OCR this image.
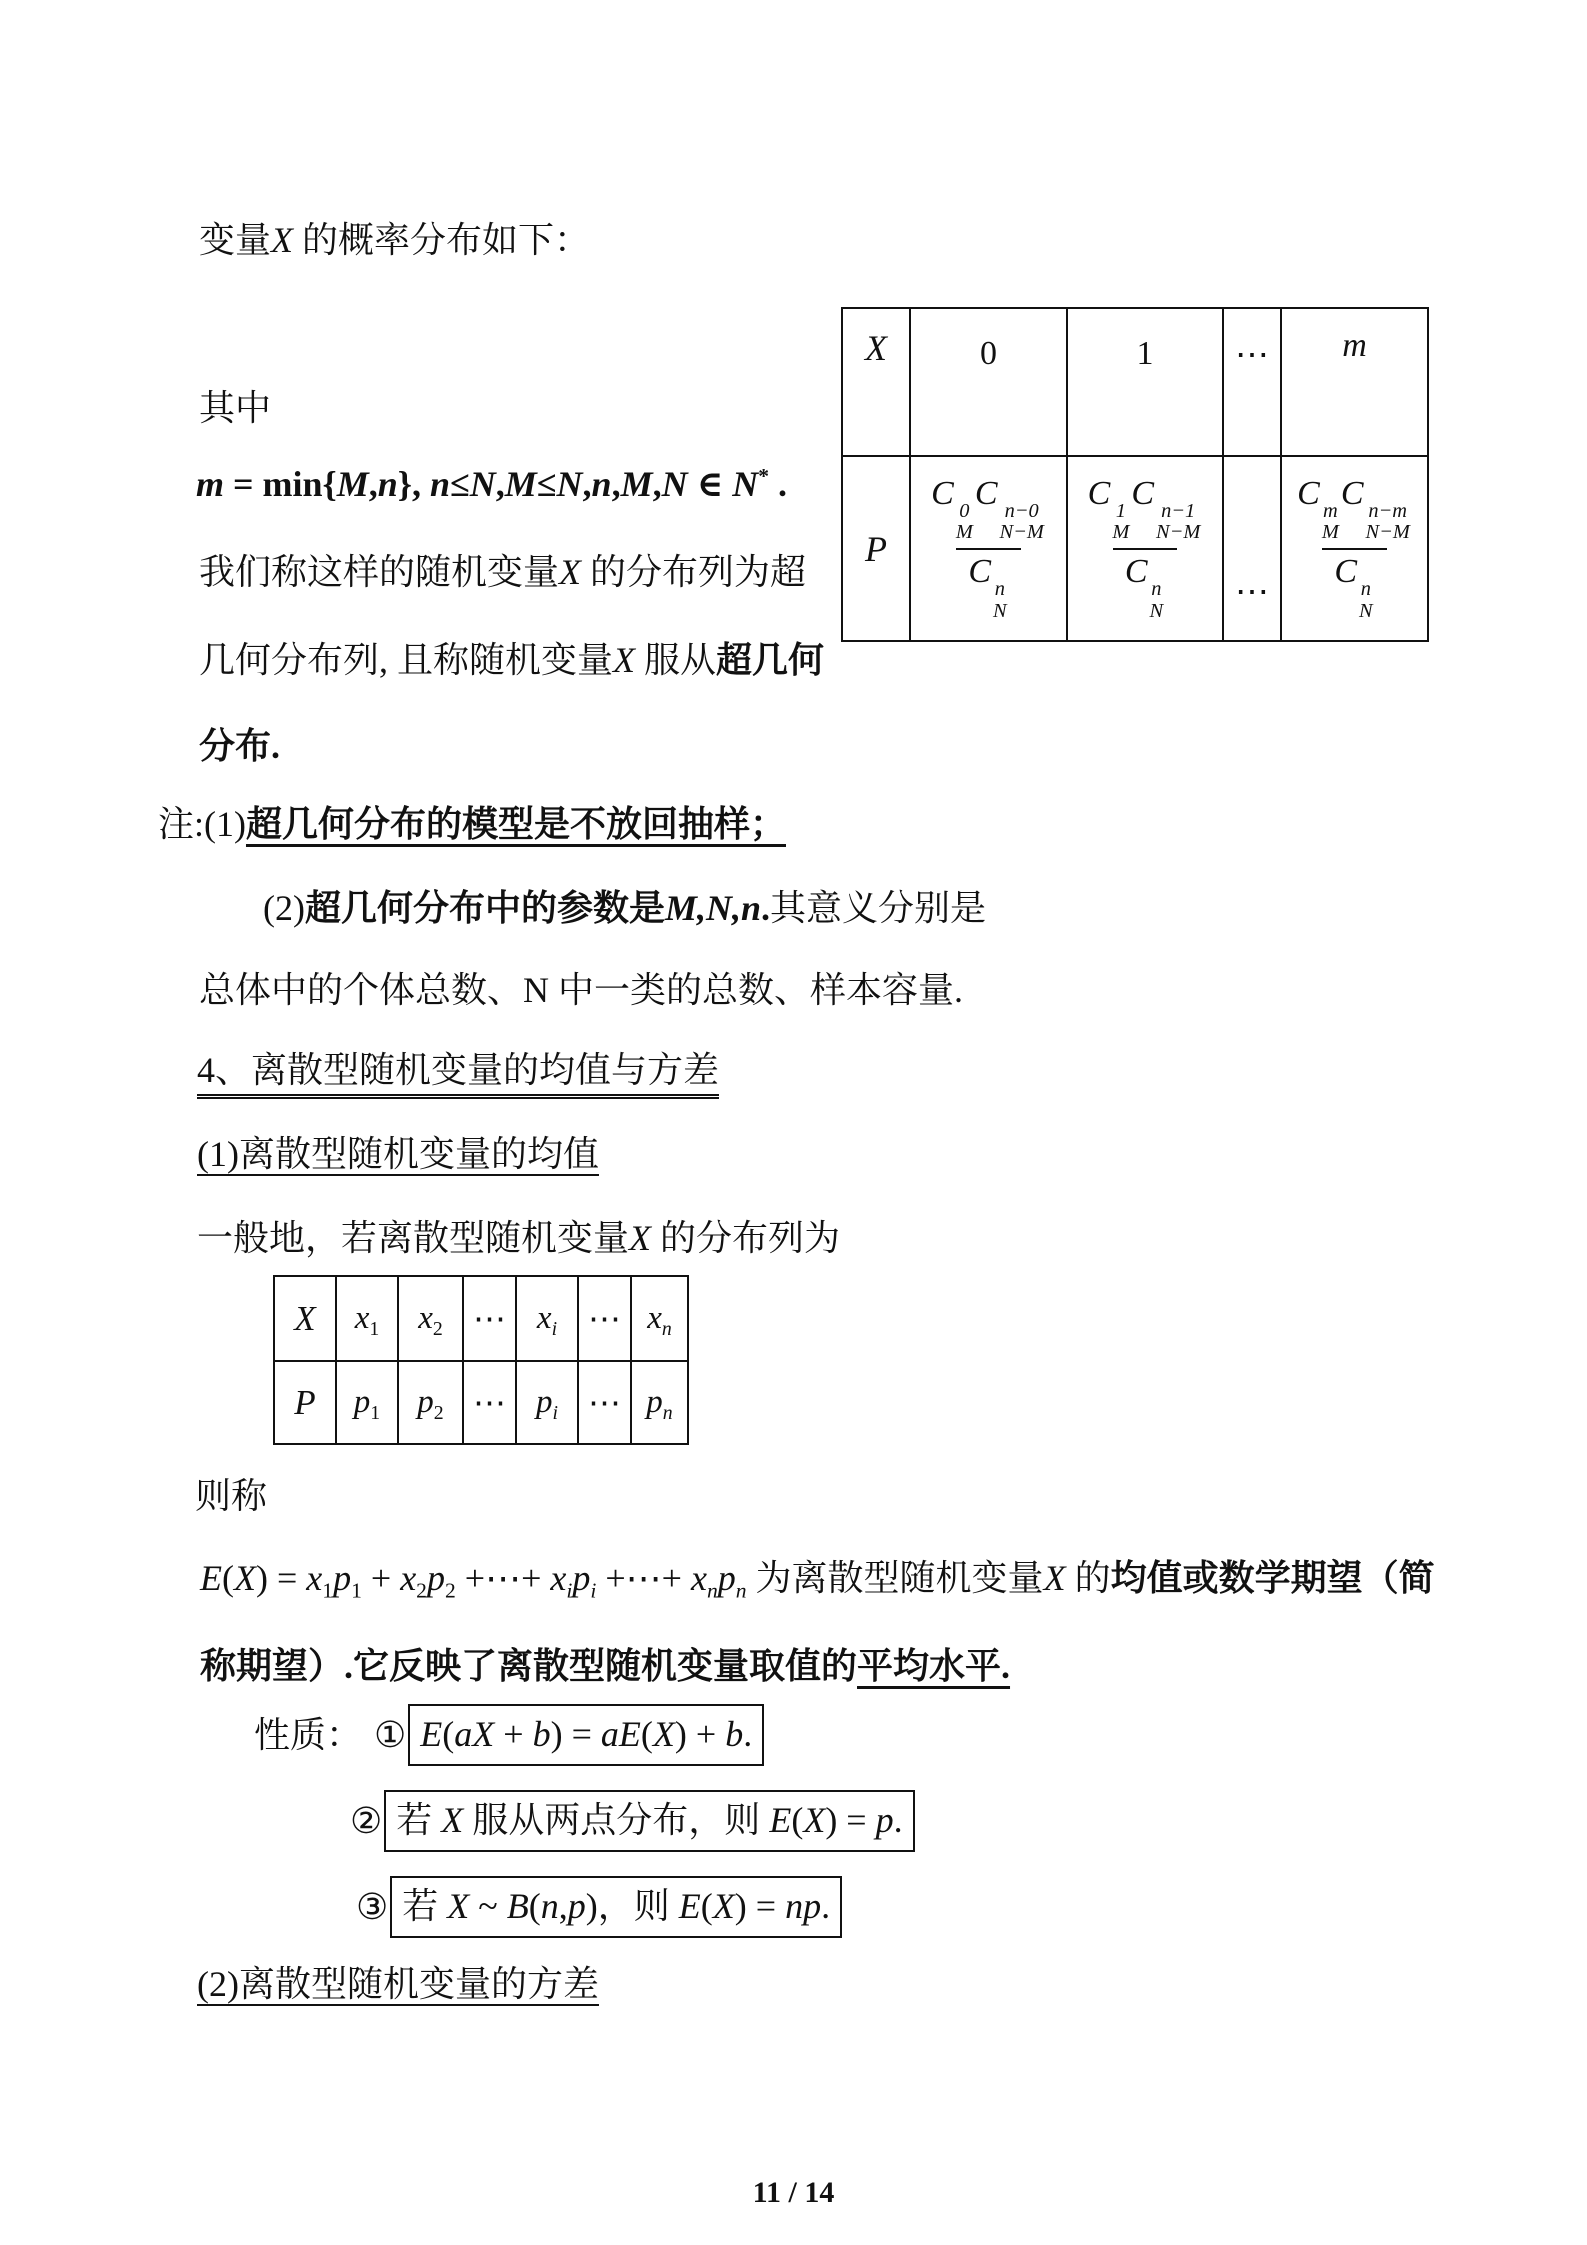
变量X 的概率分布如下：
X	0	1	⋯	m
P	C 0
M
C n−0
N−M
C n
N	C 1
M
C n−1
N−M
C n
N	⋯	C m
M
C n−m
N−M
C n
N
其中
m = min{M,n}, n≤N,M≤N,n,M,N ∈ N* .
我们称这样的随机变量X 的分布列为超
几何分布列, 且称随机变量X 服从超几何
分布.
注:(1)超几何分布的模型是不放回抽样；
(2)超几何分布中的参数是M,N,n.其意义分别是
总体中的个体总数、N 中一类的总数、样本容量.
4、离散型随机变量的均值与方差
(1)离散型随机变量的均值
一般地，若离散型随机变量X 的分布列为
X	$x_1$	$x_2$	⋯	$x_i$	⋯	$x_n$
P	$p_1$	$p_2$	⋯	$p_i$	⋯	$p_n$
则称
$E(X) = x_1p_1 + x_2p_2$ +⋯+ $x_ip_i$ +⋯+ $x_np_n$ 为离散型随机变量X 的均值或数学期望（简
称期望）.它反映了离散型随机变量取值的平均水平.
性质： ① E(aX + b) = aE(X) + b.
② 若 X 服从两点分布，则 E(X) = p.
③ 若 X ~ B(n,p)，则 E(X) = np.
(2)离散型随机变量的方差
11 / 14
